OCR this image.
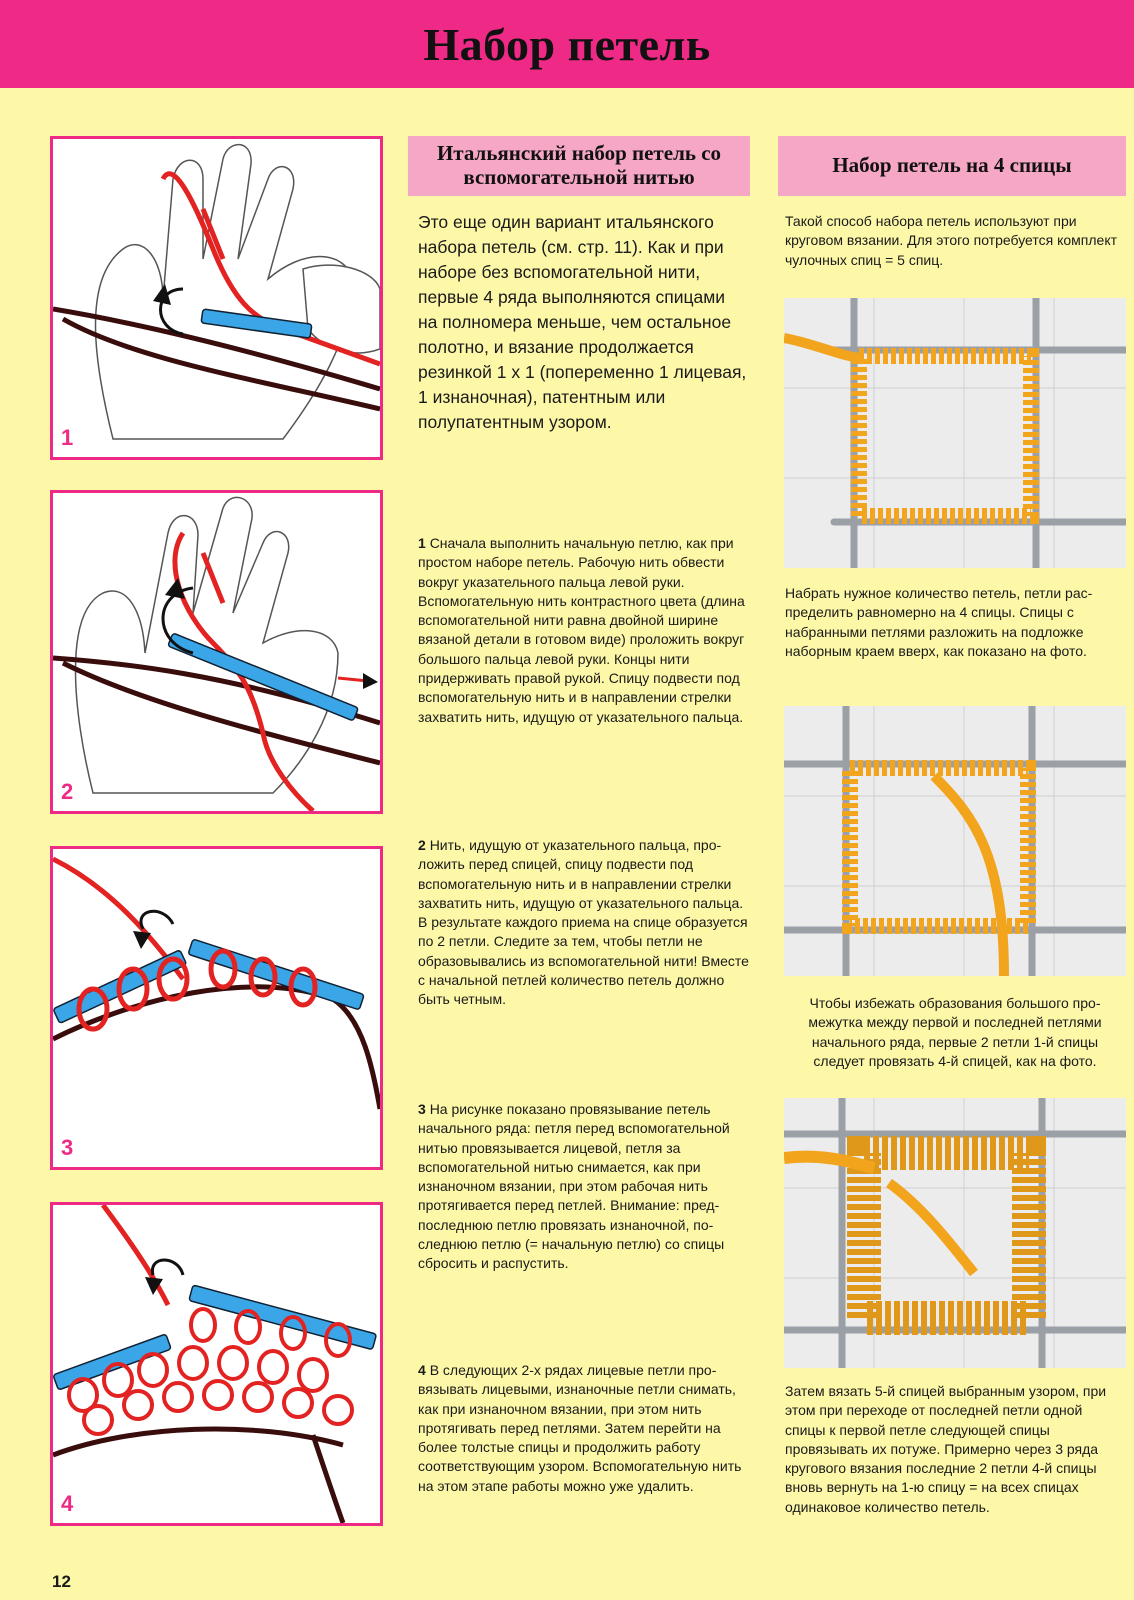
Набор петель
1
2
3
4
Итальянский набор петель со вспомогательной нитью
Это еще один вариант итальянского набора петель (см. стр. 11). Как и при наборе без вспомогательной нити, первые 4 ряда выполняются спицами на полномера меньше, чем остальное полотно, и вязание продолжается резинкой 1 х 1 (попеременно 1 лицевая, 1 изнаночная), патентным или полупатентным узором.
1 Сначала выполнить начальную петлю, как при простом наборе петель. Рабочую нить обвести вокруг указательного пальца левой руки. Вспомогательную нить контрастного цвета (длина вспомогательной нити равна двойной ширине вязаной детали в готовом виде) проложить вокруг большого пальца левой руки. Концы нити придерживать правой рукой. Спицу подвести под вспомогательную нить и в направлении стрелки захватить нить, идущую от указательного пальца.
2 Нить, идущую от указательного пальца, проложить перед спицей, спицу подвести под вспомогательную нить и в направлении стрелки захватить нить, идущую от указательного пальца. В результате каждого приема на спице образуется по 2 петли. Следите за тем, чтобы петли не образовывались из вспомогательной нити! Вместе с начальной петлей количество петель должно быть четным.
3 На рисунке показано провязывание петель начального ряда: петля перед вспомогательной нитью провязывается лицевой, петля за вспомогательной нитью снимается, как при изнаночном вязании, при этом рабочая нить протягивается перед петлей. Внимание: предпоследнюю петлю провязать изнаночной, последнюю петлю (= начальную петлю) со спицы сбросить и распустить.
4 В следующих 2-х рядах лицевые петли провязывать лицевыми, изнаночные петли снимать, как при изнаночном вязании, при этом нить протягивать перед петлями. Затем перейти на более толстые спицы и продолжить работу соответствующим узором. Вспомогательную нить на этом этапе работы можно уже удалить.
Набор петель на 4 спицы
Такой способ набора петель используют при круговом вязании. Для этого потребуется комплект чулочных спиц = 5 спиц.
Набрать нужное количество петель, петли распределить равномерно на 4 спицы. Спицы с набранными петлями разложить на подложке наборным краем вверх, как показано на фото.
Чтобы избежать образования большого промежутка между первой и последней петлями начального ряда, первые 2 петли 1-й спицы следует провязать 4-й спицей, как на фото.
Затем вязать 5-й спицей выбранным узором, при этом при переходе от последней петли одной спицы к первой петле следующей спицы провязывать их потуже. Примерно через 3 ряда кругового вязания последние 2 петли 4-й спицы вновь вернуть на 1-ю спицу = на всех спицах одинаковое количество петель.
12
